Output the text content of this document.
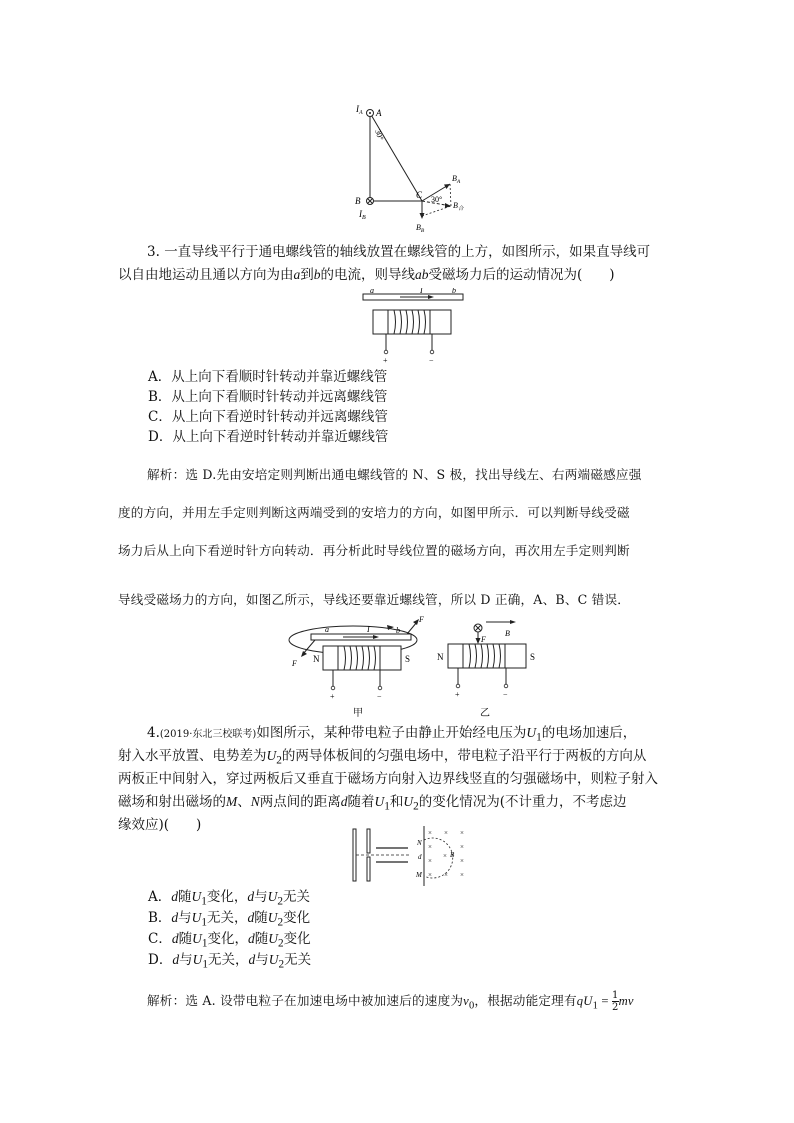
$I_A$ A
30°
B
$I_B$
C 30°
$B_A$
$B_合$
$B_B$
3. 一直导线平行于通电螺线管的轴线放置在螺线管的上方，如图所示，如果直导线可
以自由地运动且通以方向为由a到b的电流，则导线ab受磁场力后的运动情况为(　　)
a	I	b
+	−
A．从上向下看顺时针转动并靠近螺线管
B．从上向下看顺时针转动并远离螺线管
C．从上向下看逆时针转动并远离螺线管
D．从上向下看逆时针转动并靠近螺线管
解析：选 D.先由安培定则判断出通电螺线管的 N、S 极，找出导线左、右两端磁感应强
度的方向，并用左手定则判断这两端受到的安培力的方向，如图甲所示．可以判断导线受磁
场力后从上向下看逆时针方向转动．再分析此时导线位置的磁场方向，再次用左手定则判断
导线受磁场力的方向，如图乙所示，导线还要靠近螺线管，所以 D 正确，A、B、C 错误．
a	I	b
F
F N	S
+	−
甲
F
B
N	S
+	−
乙
4.(2019·东北三校联考)如图所示，某种带电粒子由静止开始经电压为$U_1$的电场加速后，
射入水平放置、电势差为$U_2$的两导体板间的匀强电场中，带电粒子沿平行于两板的方向从
两板正中间射入，穿过两板后又垂直于磁场方向射入边界线竖直的匀强磁场中，则粒子射入
磁场和射出磁场的M、N两点间的距离d随着$U_1$和$U_2$的变化情况为(不计重力，不考虑边
缘效应)(　　)	× × ×
×	×
×	×
× × ×
×
N
d	B
M
A．d随$U_1$变化，d与$U_2$无关
B．d与$U_1$无关，d随$U_2$变化
C．d随$U_1$变化，d随$U_2$变化
D．d与$U_1$无关，d与$U_2$无关
解析：选 A. 设带电粒子在加速电场中被加速后的速度为$v_0$，根据动能定理有$qU_1 = \frac{1}{2}$ mv
